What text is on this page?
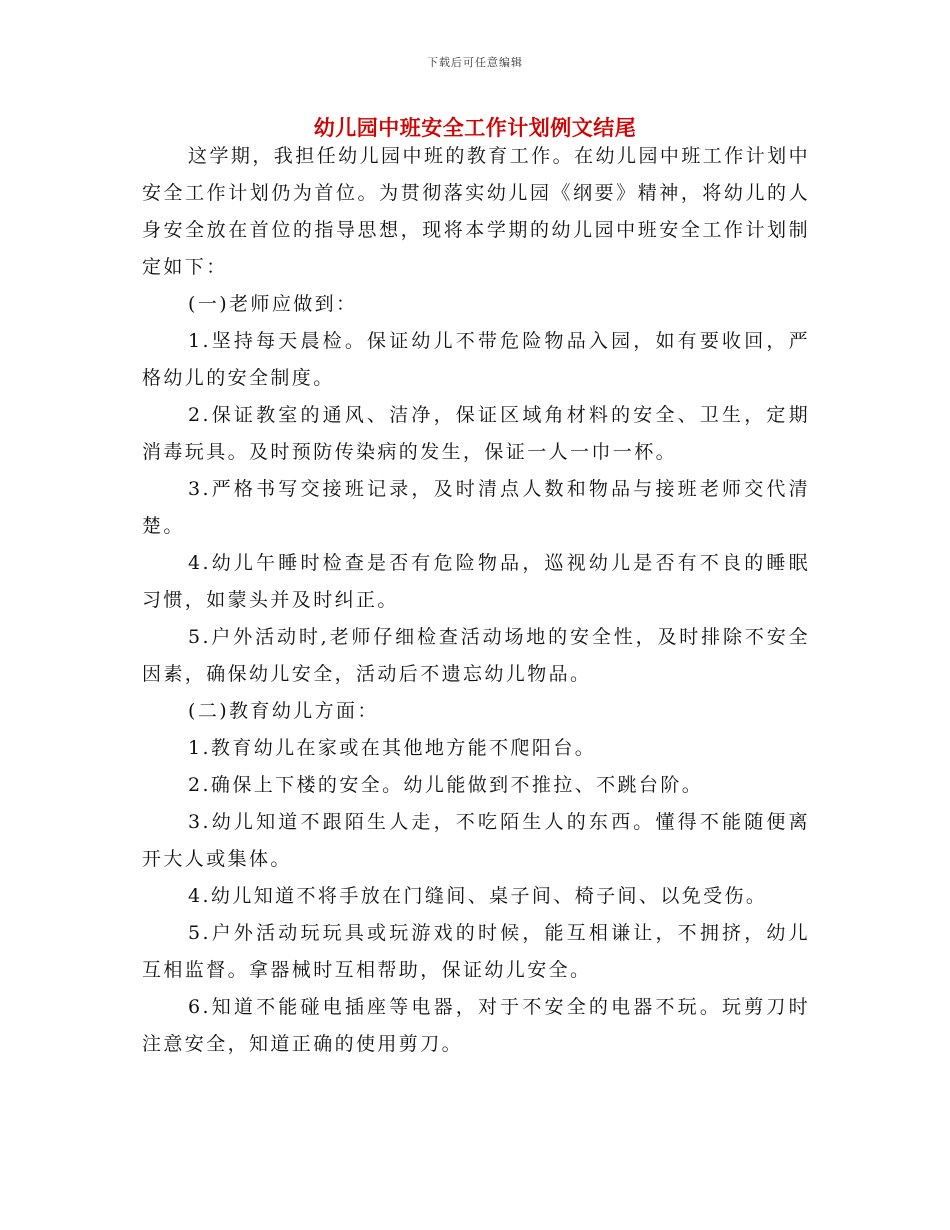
下载后可任意编辑
幼儿园中班安全工作计划例文结尾

这学期，我担任幼儿园中班的教育工作。在幼儿园中班工作计划中安全工作计划仍为首位。为贯彻落实幼儿园《纲要》精神，将幼儿的人身安全放在首位的指导思想，现将本学期的幼儿园中班安全工作计划制定如下：

(一)老师应做到：

1.坚持每天晨检。保证幼儿不带危险物品入园，如有要收回，严格幼儿的安全制度。

2.保证教室的通风、洁净，保证区域角材料的安全、卫生，定期消毒玩具。及时预防传染病的发生，保证一人一巾一杯。

3.严格书写交接班记录，及时清点人数和物品与接班老师交代清楚。

4.幼儿午睡时检查是否有危险物品，巡视幼儿是否有不良的睡眠习惯，如蒙头并及时纠正。

5.户外活动时,老师仔细检查活动场地的安全性，及时排除不安全因素，确保幼儿安全，活动后不遗忘幼儿物品。

(二)教育幼儿方面：

1.教育幼儿在家或在其他地方能不爬阳台。

2.确保上下楼的安全。幼儿能做到不推拉、不跳台阶。

3.幼儿知道不跟陌生人走，不吃陌生人的东西。懂得不能随便离开大人或集体。

4.幼儿知道不将手放在门缝间、桌子间、椅子间、以免受伤。

5.户外活动玩玩具或玩游戏的时候，能互相谦让，不拥挤，幼儿互相监督。拿器械时互相帮助，保证幼儿安全。

6.知道不能碰电插座等电器，对于不安全的电器不玩。玩剪刀时注意安全，知道正确的使用剪刀。
